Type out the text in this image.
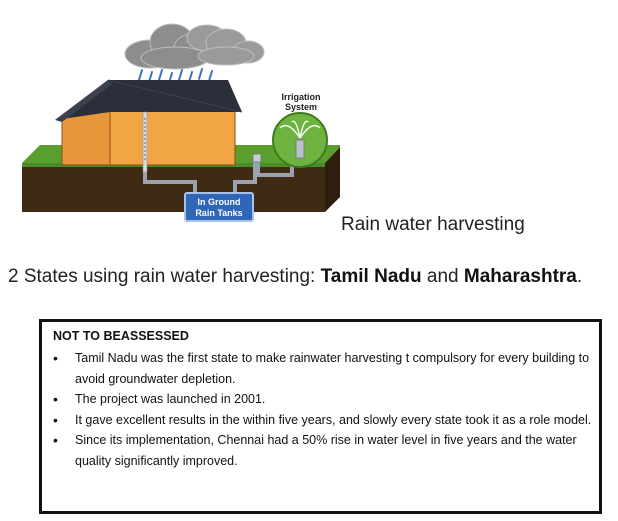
In Ground
Rain Tanks
Irrigation
System
Rain water harvesting
2 States using rain water harvesting: Tamil Nadu and Maharashtra.
NOT TO BEASSESSED
• Tamil Nadu was the first state to make rainwater harvesting t compulsory for every building to avoid groundwater depletion.
• The project was launched in 2001.
• It gave excellent results in the within five years, and slowly every state took it as a role model.
• Since its implementation, Chennai had a 50% rise in water level in five years and the water quality significantly improved.
